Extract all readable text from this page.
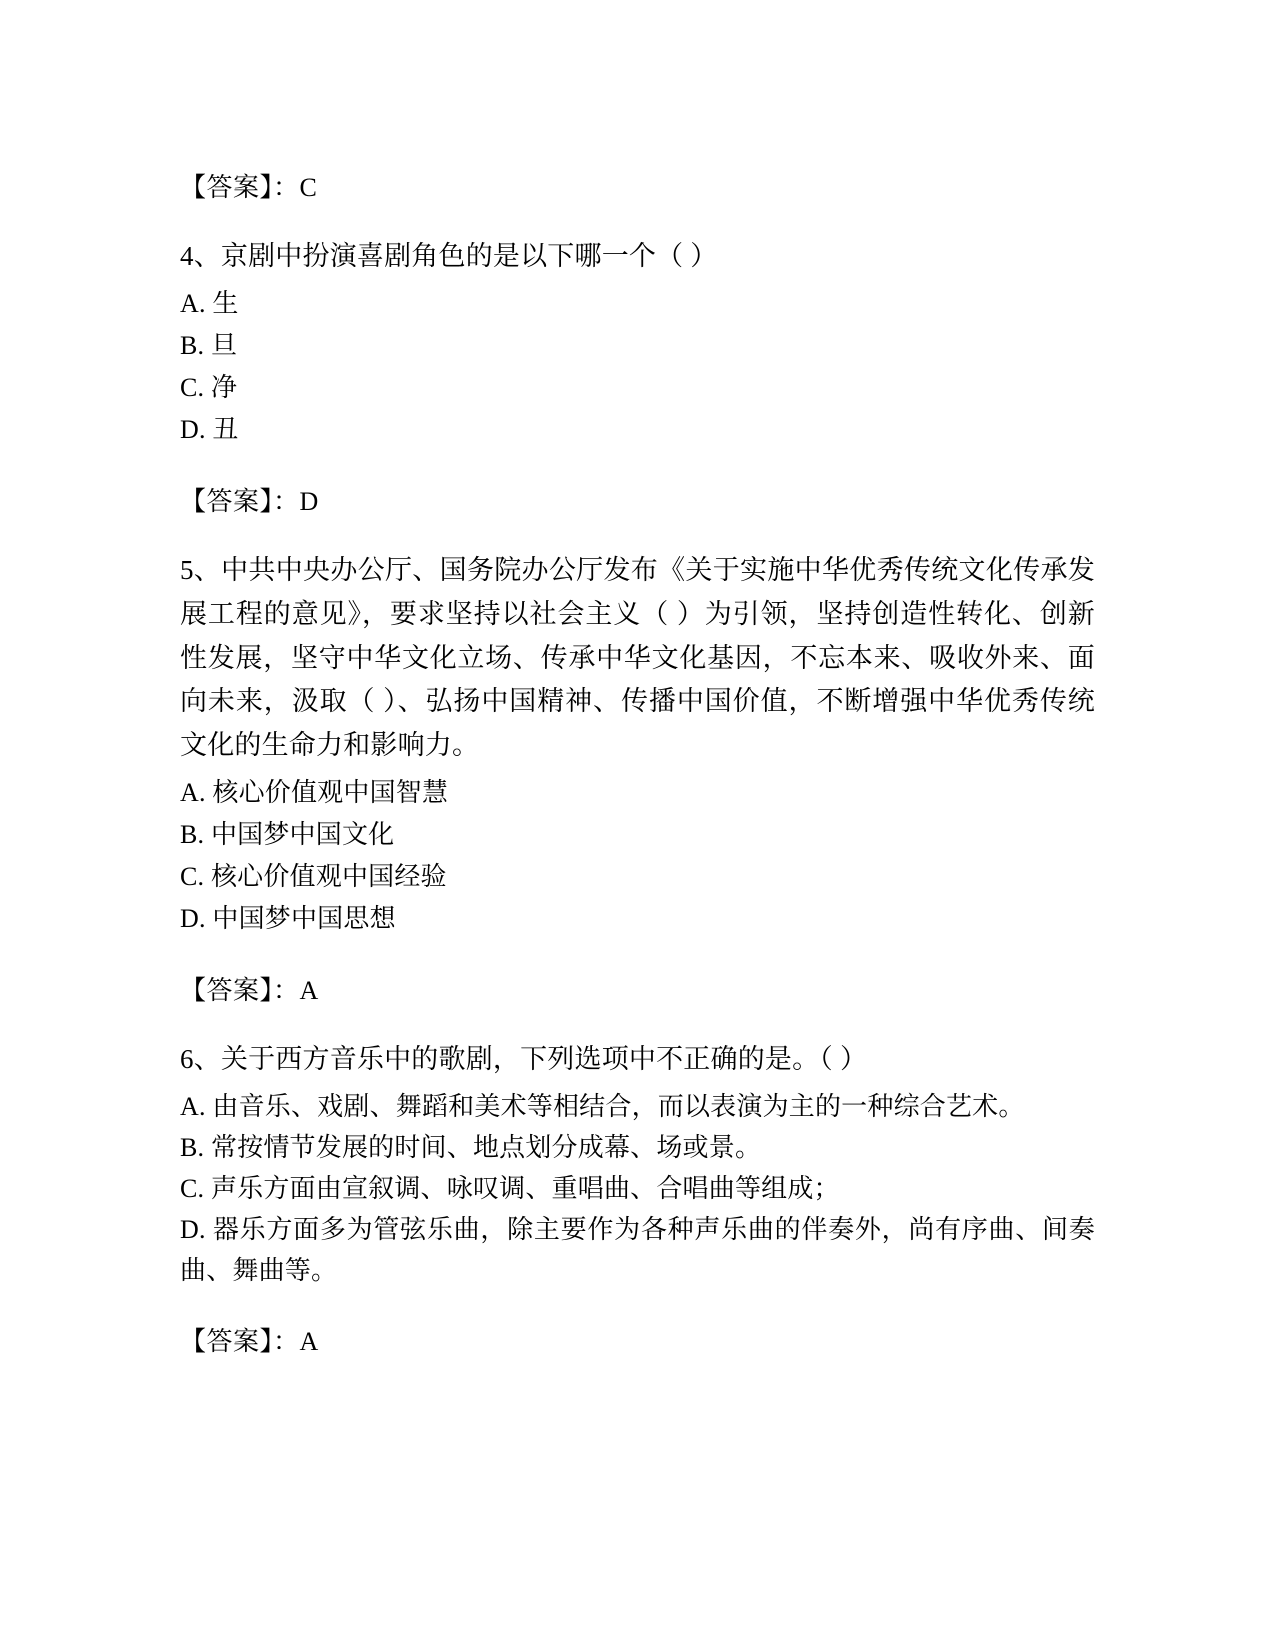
【答案】：C
4、京剧中扮演喜剧角色的是以下哪一个（ ）
A. 生
B. 旦
C. 净
D. 丑
【答案】：D
5、中共中央办公厅、国务院办公厅发布《关于实施中华优秀传统文化传承发展工程的意见》，要求坚持以社会主义（ ）为引领，坚持创造性转化、创新性发展，坚守中华文化立场、传承中华文化基因，不忘本来、吸收外来、面向未来，汲取（ ）、弘扬中国精神、传播中国价值，不断增强中华优秀传统文化的生命力和影响力。
A. 核心价值观中国智慧
B. 中国梦中国文化
C. 核心价值观中国经验
D. 中国梦中国思想
【答案】：A
6、关于西方音乐中的歌剧，下列选项中不正确的是。（ ）
A. 由音乐、戏剧、舞蹈和美术等相结合，而以表演为主的一种综合艺术。
B. 常按情节发展的时间、地点划分成幕、场或景。
C. 声乐方面由宣叙调、咏叹调、重唱曲、合唱曲等组成；
D. 器乐方面多为管弦乐曲，除主要作为各种声乐曲的伴奏外，尚有序曲、间奏曲、舞曲等。
【答案】：A
